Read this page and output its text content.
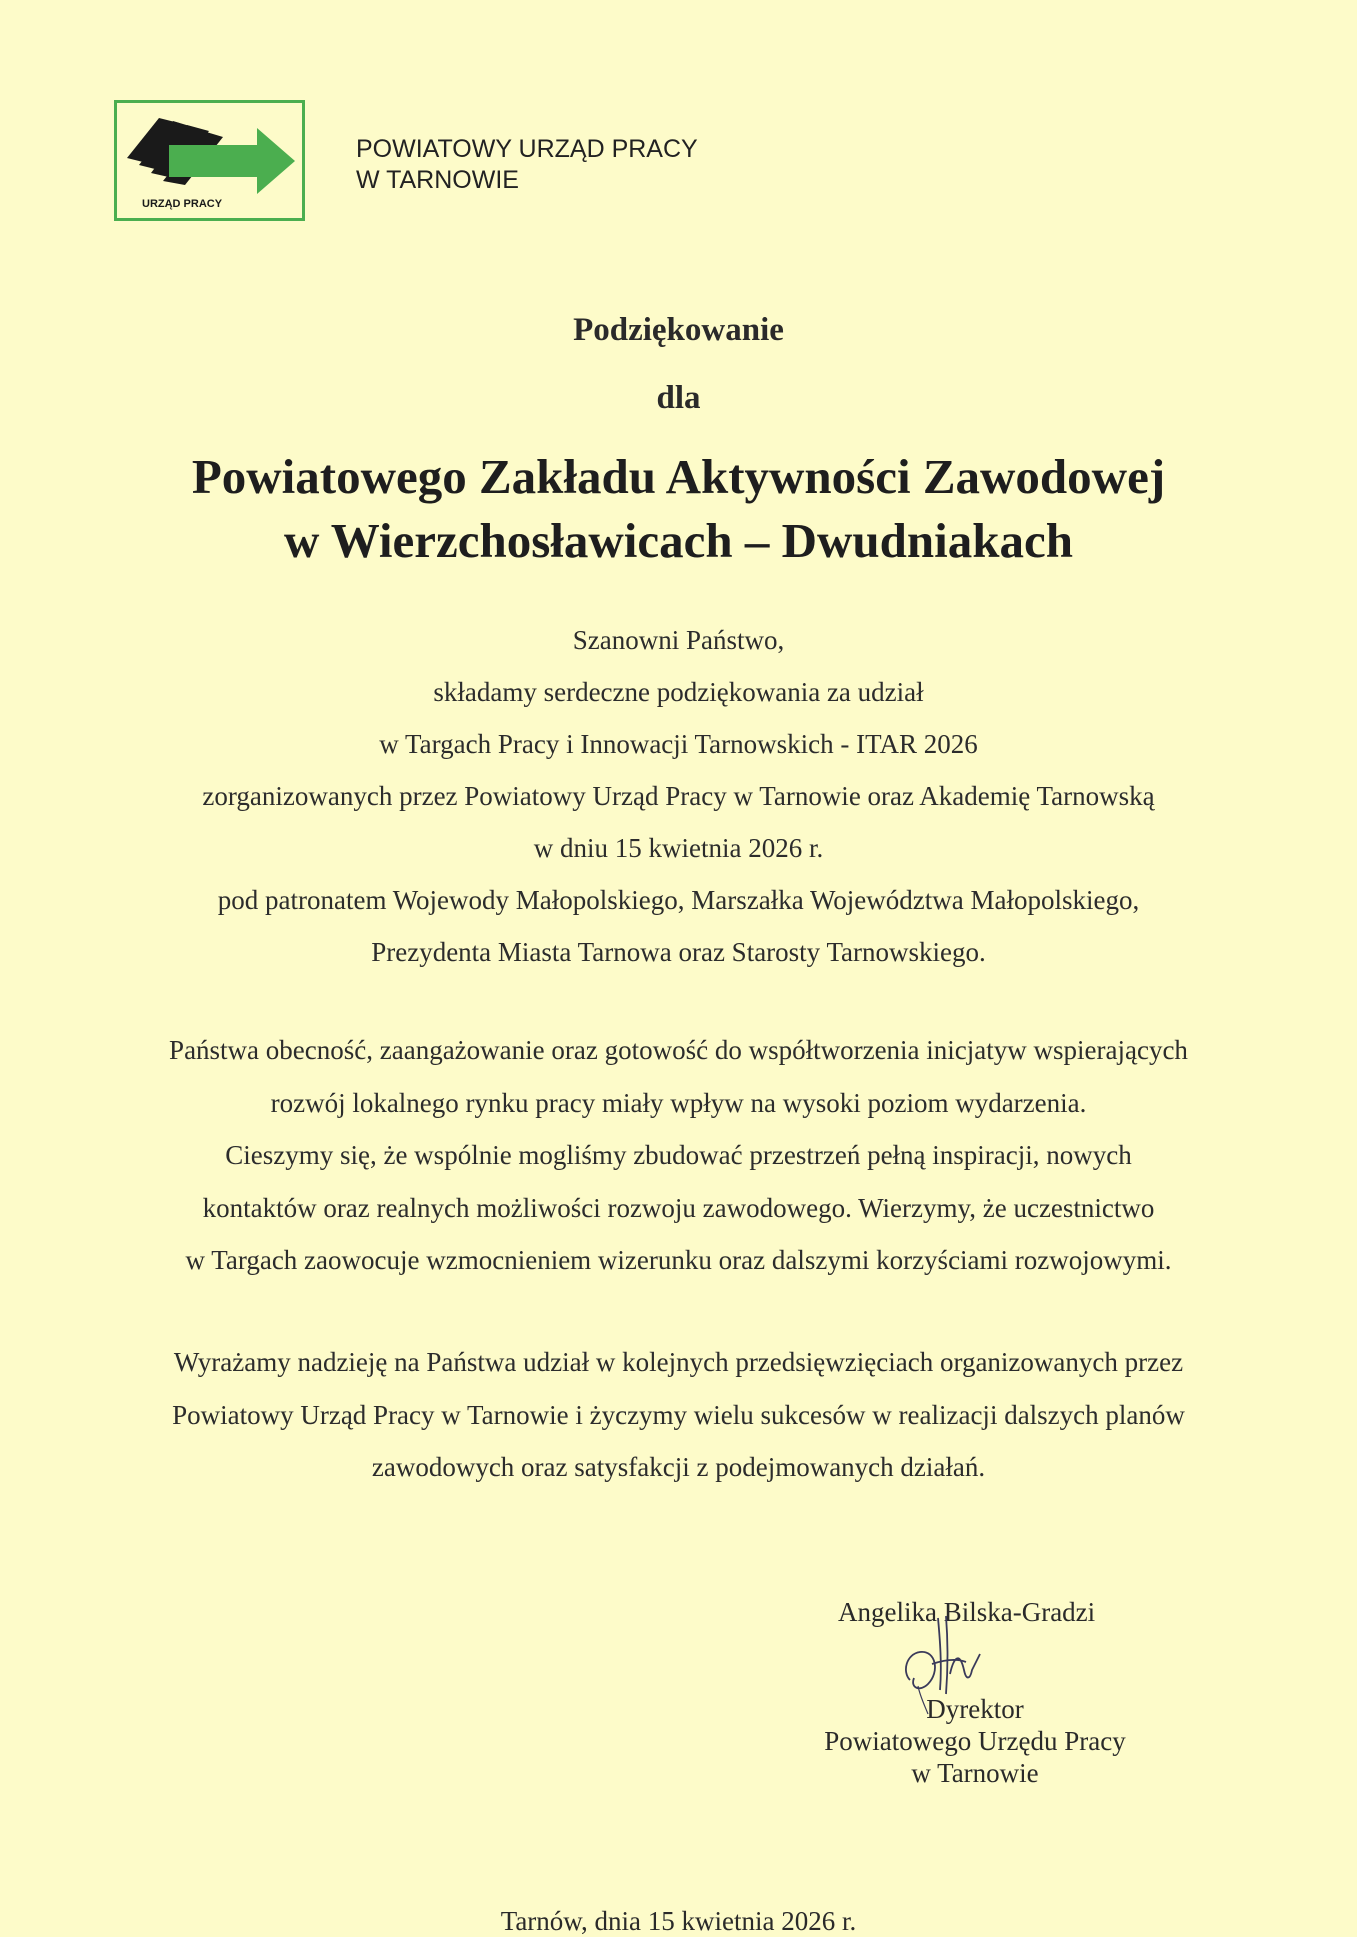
URZĄD PRACY
POWIATOWY URZĄD PRACY
W TARNOWIE
Podziękowanie
dla
Powiatowego Zakładu Aktywności Zawodowej
w Wierzchosławicach – Dwudniakach
Szanowni Państwo,
składamy serdeczne podziękowania za udział
w Targach Pracy i Innowacji Tarnowskich - ITAR 2026
zorganizowanych przez Powiatowy Urząd Pracy w Tarnowie oraz Akademię Tarnowską
w dniu 15 kwietnia 2026 r.
pod patronatem Wojewody Małopolskiego, Marszałka Województwa Małopolskiego,
Prezydenta Miasta Tarnowa oraz Starosty Tarnowskiego.
Państwa obecność, zaangażowanie oraz gotowość do współtworzenia inicjatyw wspierających
rozwój lokalnego rynku pracy miały wpływ na wysoki poziom wydarzenia.
Cieszymy się, że wspólnie mogliśmy zbudować przestrzeń pełną inspiracji, nowych
kontaktów oraz realnych możliwości rozwoju zawodowego. Wierzymy, że uczestnictwo
w Targach zaowocuje wzmocnieniem wizerunku oraz dalszymi korzyściami rozwojowymi.
Wyrażamy nadzieję na Państwa udział w kolejnych przedsięwzięciach organizowanych przez
Powiatowy Urząd Pracy w Tarnowie i życzymy wielu sukcesów w realizacji dalszych planów
zawodowych oraz satysfakcji z podejmowanych działań.
Angelika Bilska-Gradzi
Dyrektor
Powiatowego Urzędu Pracy
w Tarnowie
Tarnów, dnia 15 kwietnia 2026 r.
